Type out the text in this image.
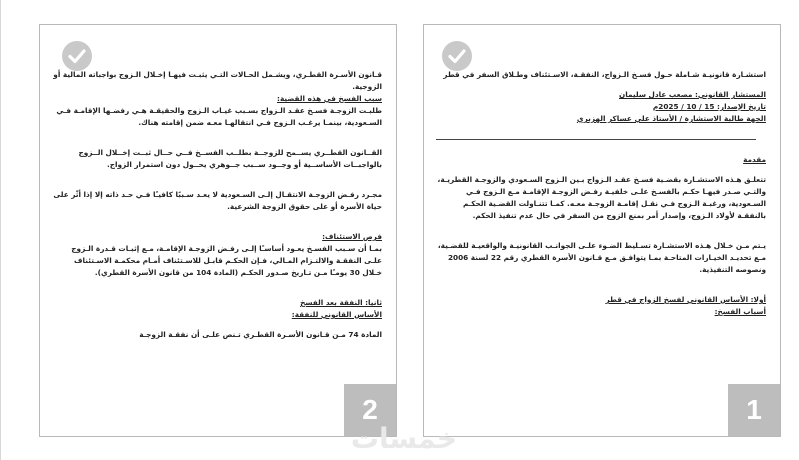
قـانون الأسـرة القطـري، ويشـمل الحـالات التـي يثبـت فيهـا إخـلال الـزوج بواجباته المالية أو الزوجية.

سبب الفسخ في هذه القضية:

طلبـت الزوجـة فسـخ عقـد الـزواج بسـبب غيـاب الـزوج والحقيقـة هـي رفضـها الإقامـة فـي السـعودية، بينمـا يرغـب الـزوج فـي انتقالهـا معـه ضمن إقامته هناك.

القــانون القطــري يســمح للزوجــة بطلــب الفســخ فــي حــال ثبــت إخــلال الــزوج بالواجبــات الأساســية أو وجــود ســبب جــوهري يحــول دون استمرار الزواج.

مجـرد رفـض الزوجـة الانتقـال إلـى السـعودية لا يعـد سـببًا كافيـًا فـي حـد ذاته إلا إذا أثّر على حياة الأسرة أو على حقوق الزوجة الشرعية.

فرص الاستئناف:

بمـا أن سـبب الفسـخ يعـود أساسـًا إلـى رفـض الزوجـة الإقامـة، مـع إثبـات قـدرة الـزوج علـى النفقـة والالتـزام المـالي، فـإن الحكـم قابـل للاسـتئناف أمـام محكمـة الاسـتئناف خـلال 30 يومـًا مـن تـاريخ صـدور الحكـم (المادة 104 من قانون الأسرة القطري).

ثانيا: النفقة بعد الفسخ

الأساس القانوني للنفقة:

المادة 74 مـن قـانون الأسـرة القطـري تـنص علـى أن نفقـة الزوجـة

2

استشـارة قانونيـة شـاملة حـول فسـخ الـزواج، النفقـة، الاسـتئناف وطـلاق السفر في قطر

المستشار القانوني: مصعب عادل سليمان

تاريخ الإصدار: 15 / 10 / 2025م

الجهة طالبة الاستشارة / الأستاذ علي عساكر الهزبري

مقدمة

تتعلـق هـذه الاستشـارة بقضـية فسـخ عقـد الـزواج بـين الـزوج السـعودي والزوجـة القطريـة، والتـي صـدر فيهـا حكـم بالفسـخ علـى خلفيـة رفـض الزوجـة الإقامـة مـع الـزوج فـي السـعودية، ورغبـة الـزوج فـي نقـل إقامـة الزوجـة معـه. كمـا تتنـاولت القضـية الحكـم بالنفقـة لأولاد الـزوج، وإصدار أمر بمنع الزوج من السفر في حال عدم تنفيذ الحكم.

يـتم مـن خـلال هـذه الاستشـارة تسـليط الضـوء علـى الجوانـب القانونيـة والواقعيـة للقضـية، مـع تحديـد الخيـارات المتاحـة بمـا يتوافـق مـع قـانون الأسرة القطري رقم 22 لسنة 2006 ونصوصه التنفيذية.

أولا: الأساس القانوني لفسخ الزواج في قطر

أسباب الفسخ:

1
خمسات
